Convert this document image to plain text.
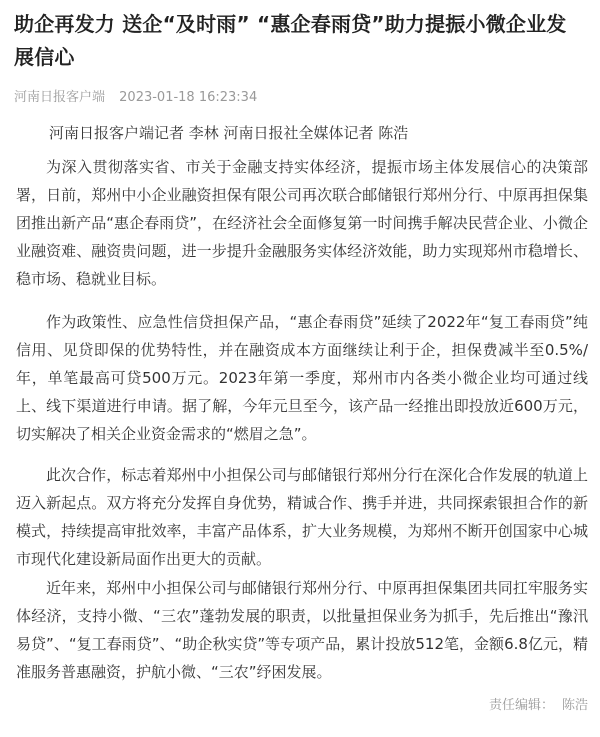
助企再发力 送企“及时雨” “惠企春雨贷”助力提振小微企业发展信心
河南日报客户端 2023-01-18 16:23:34
河南日报客户端记者 李林 河南日报社全媒体记者 陈浩

为深入贯彻落实省、市关于金融支持实体经济，提振市场主体发展信心的决策部署，日前，郑州中小企业融资担保有限公司再次联合邮储银行郑州分行、中原再担保集团推出新产品“惠企春雨贷”，在经济社会全面修复第一时间携手解决民营企业、小微企业融资难、融资贵问题，进一步提升金融服务实体经济效能，助力实现郑州市稳增长、稳市场、稳就业目标。

作为政策性、应急性信贷担保产品，“惠企春雨贷”延续了2022年“复工春雨贷”纯信用、见贷即保的优势特性，并在融资成本方面继续让利于企，担保费减半至0.5%/年，单笔最高可贷500万元。2023年第一季度，郑州市内各类小微企业均可通过线上、线下渠道进行申请。据了解，今年元旦至今，该产品一经推出即投放近600万元，切实解决了相关企业资金需求的“燃眉之急”。

此次合作，标志着郑州中小担保公司与邮储银行郑州分行在深化合作发展的轨道上迈入新起点。双方将充分发挥自身优势，精诚合作、携手并进，共同探索银担合作的新模式，持续提高审批效率，丰富产品体系，扩大业务规模，为郑州不断开创国家中心城市现代化建设新局面作出更大的贡献。

近年来，郑州中小担保公司与邮储银行郑州分行、中原再担保集团共同扛牢服务实体经济，支持小微、“三农”蓬勃发展的职责，以批量担保业务为抓手，先后推出“豫汛易贷”、“复工春雨贷”、“助企秋实贷”等专项产品，累计投放512笔，金额6.8亿元，精准服务普惠融资，护航小微、“三农”纾困发展。

责任编辑： 陈浩
